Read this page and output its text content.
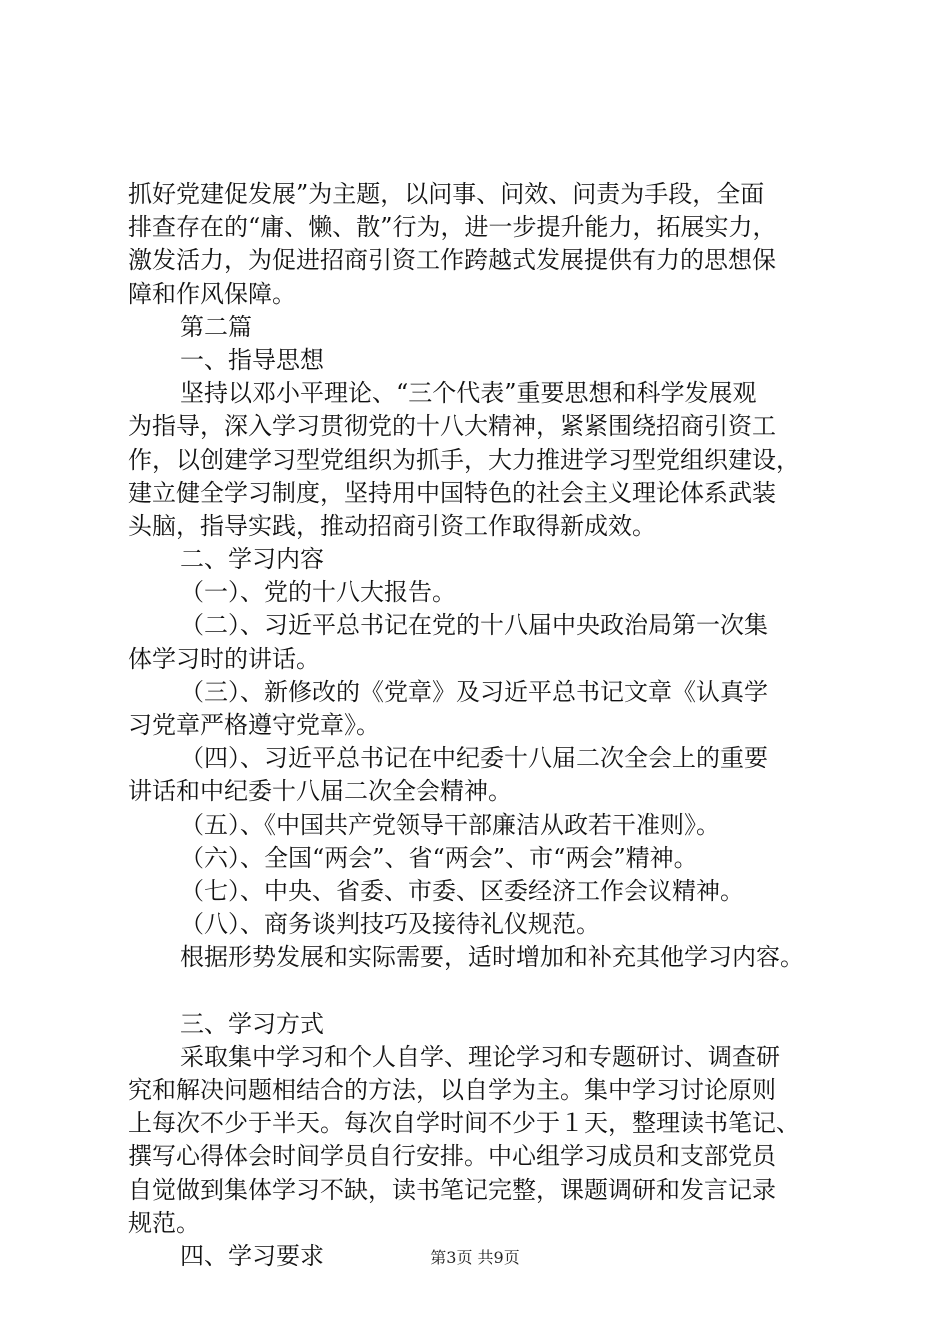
抓好党建促发展”为主题，以问事、问效、问责为手段，全面
排查存在的“庸、懒、散”行为，进一步提升能力，拓展实力，
激发活力，为促进招商引资工作跨越式发展提供有力的思想保
障和作风保障。
第二篇
一、指导思想
坚持以邓小平理论、“三个代表”重要思想和科学发展观
为指导，深入学习贯彻党的十八大精神，紧紧围绕招商引资工
作，以创建学习型党组织为抓手，大力推进学习型党组织建设，
建立健全学习制度，坚持用中国特色的社会主义理论体系武装
头脑，指导实践，推动招商引资工作取得新成效。
二、学习内容
（一）、党的十八大报告。
（二）、习近平总书记在党的十八届中央政治局第一次集
体学习时的讲话。
（三）、新修改的《党章》及习近平总书记文章《认真学
习党章严格遵守党章》。
（四）、习近平总书记在中纪委十八届二次全会上的重要
讲话和中纪委十八届二次全会精神。
（五）、《中国共产党领导干部廉洁从政若干准则》。
（六）、全国“两会”、省“两会”、市“两会”精神。
（七）、中央、省委、市委、区委经济工作会议精神。
（八）、商务谈判技巧及接待礼仪规范。
根据形势发展和实际需要，适时增加和补充其他学习内容。
三、学习方式
采取集中学习和个人自学、理论学习和专题研讨、调查研
究和解决问题相结合的方法，以自学为主。集中学习讨论原则
上每次不少于半天。每次自学时间不少于１天，整理读书笔记、
撰写心得体会时间学员自行安排。中心组学习成员和支部党员
自觉做到集体学习不缺，读书笔记完整，课题调研和发言记录
规范。
四、学习要求	第3页 共9页
